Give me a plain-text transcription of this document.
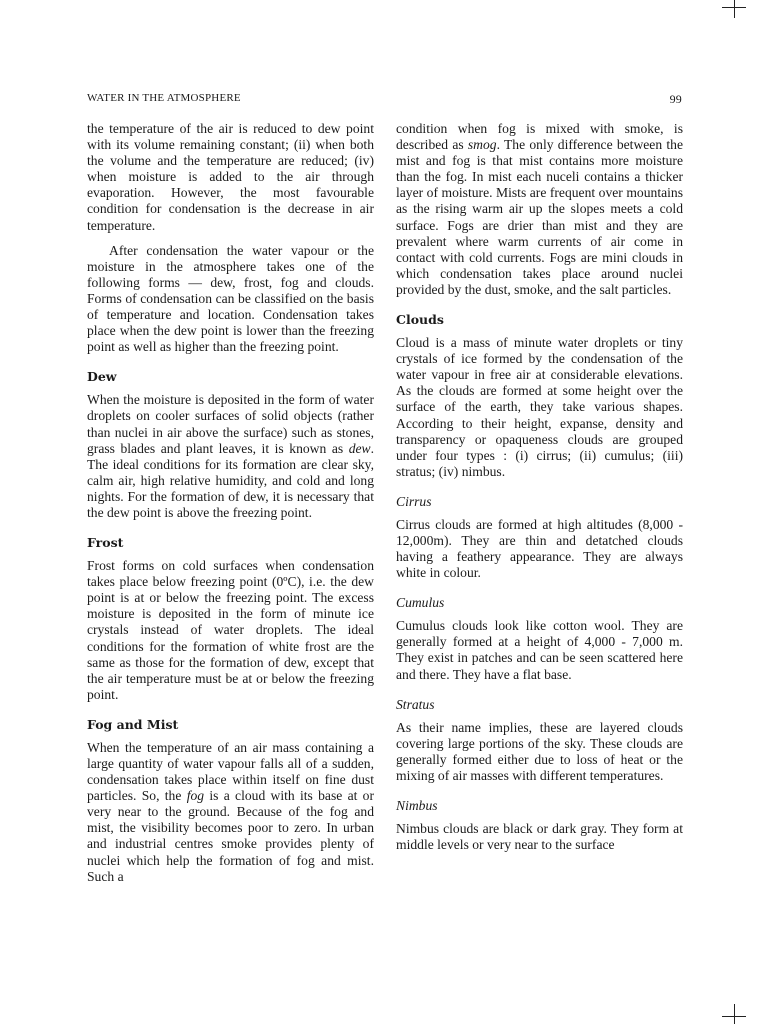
WATER IN THE ATMOSPHERE	99

the temperature of the air is reduced to dew point with its volume remaining constant; (ii) when both the volume and the temperature are reduced; (iv) when moisture is added to the air through evaporation. However, the most favourable condition for condensation is the decrease in air temperature.

After condensation the water vapour or the moisture in the atmosphere takes one of the following forms — dew, frost, fog and clouds. Forms of condensation can be classified on the basis of temperature and location. Condensation takes place when the dew point is lower than the freezing point as well as higher than the freezing point.

Dew

When the moisture is deposited in the form of water droplets on cooler surfaces of solid objects (rather than nuclei in air above the surface) such as stones, grass blades and plant leaves, it is known as dew. The ideal conditions for its formation are clear sky, calm air, high relative humidity, and cold and long nights. For the formation of dew, it is necessary that the dew point is above the freezing point.

Frost

Frost forms on cold surfaces when condensation takes place below freezing point (0ºC), i.e. the dew point is at or below the freezing point. The excess moisture is deposited in the form of minute ice crystals instead of water droplets. The ideal conditions for the formation of white frost are the same as those for the formation of dew, except that the air temperature must be at or below the freezing point.

Fog and Mist

When the temperature of an air mass containing a large quantity of water vapour falls all of a sudden, condensation takes place within itself on fine dust particles. So, the fog is a cloud with its base at or very near to the ground. Because of the fog and mist, the visibility becomes poor to zero. In urban and industrial centres smoke provides plenty of nuclei which help the formation of fog and mist. Such a

condition when fog is mixed with smoke, is described as smog. The only difference between the mist and fog is that mist contains more moisture than the fog. In mist each nuceli contains a thicker layer of moisture. Mists are frequent over mountains as the rising warm air up the slopes meets a cold surface. Fogs are drier than mist and they are prevalent where warm currents of air come in contact with cold currents. Fogs are mini clouds in which condensation takes place around nuclei provided by the dust, smoke, and the salt particles.

Clouds

Cloud is a mass of minute water droplets or tiny crystals of ice formed by the condensation of the water vapour in free air at considerable elevations. As the clouds are formed at some height over the surface of the earth, they take various shapes. According to their height, expanse, density and transparency or opaqueness clouds are grouped under four types : (i) cirrus; (ii) cumulus; (iii) stratus; (iv) nimbus.

Cirrus

Cirrus clouds are formed at high altitudes (8,000 - 12,000m). They are thin and detatched clouds having a feathery appearance. They are always white in colour.

Cumulus

Cumulus clouds look like cotton wool. They are generally formed at a height of 4,000 - 7,000 m. They exist in patches and can be seen scattered here and there. They have a flat base.

Stratus

As their name implies, these are layered clouds covering large portions of the sky. These clouds are generally formed either due to loss of heat or the mixing of air masses with different temperatures.

Nimbus

Nimbus clouds are black or dark gray. They form at middle levels or very near to the surface
